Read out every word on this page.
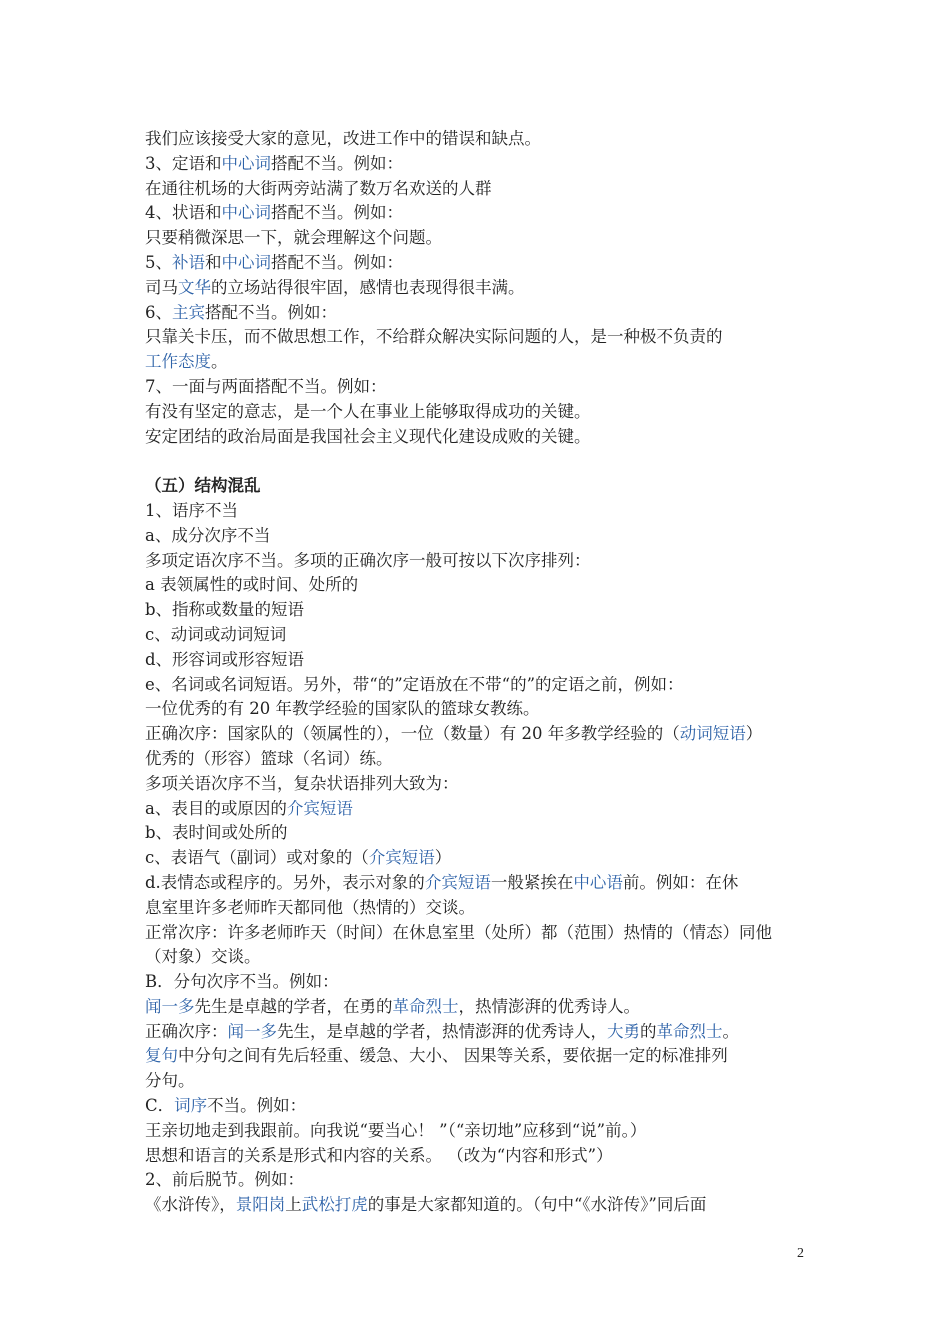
我们应该接受大家的意见，改进工作中的错误和缺点。
3、定语和中心词搭配不当。例如：
在通往机场的大街两旁站满了数万名欢送的人群
4、状语和中心词搭配不当。例如：
只要稍微深思一下，就会理解这个问题。
5、补语和中心词搭配不当。例如：
司马文华的立场站得很牢固，感情也表现得很丰满。
6、主宾搭配不当。例如：
只靠关卡压，而不做思想工作，不给群众解决实际问题的人，是一种极不负责的
工作态度。
7、一面与两面搭配不当。例如：
有没有坚定的意志，是一个人在事业上能够取得成功的关键。
安定团结的政治局面是我国社会主义现代化建设成败的关键。
（五）结构混乱
1、语序不当
a、成分次序不当
多项定语次序不当。多项的正确次序一般可按以下次序排列：
a 表领属性的或时间、处所的
b、指称或数量的短语
c、动词或动词短词
d、形容词或形容短语
e、名词或名词短语。另外，带“的”定语放在不带“的”的定语之前，例如：
一位优秀的有 20 年教学经验的国家队的篮球女教练。
正确次序：国家队的（领属性的），一位（数量）有 20 年多教学经验的（动词短语）
优秀的（形容）篮球（名词）练。
多项关语次序不当，复杂状语排列大致为：
a、表目的或原因的介宾短语
b、表时间或处所的
c、表语气（副词）或对象的（介宾短语）
d.表情态或程序的。另外，表示对象的介宾短语一般紧挨在中心语前。例如：在休
息室里许多老师昨天都同他（热情的）交谈。
正常次序：许多老师昨天（时间）在休息室里（处所）都（范围）热情的（情态）同他
（对象）交谈。
B．分句次序不当。例如：
闻一多先生是卓越的学者，在勇的革命烈士，热情澎湃的优秀诗人。
正确次序：闻一多先生，是卓越的学者，热情澎湃的优秀诗人，大勇的革命烈士。
复句中分句之间有先后轻重、缓急、大小、 因果等关系，要依据一定的标准排列
分句。
C．词序不当。例如：
王亲切地走到我跟前。向我说“要当心！ ”（“亲切地”应移到“说”前。）
思想和语言的关系是形式和内容的关系。 （改为“内容和形式”）
2、前后脱节。例如：
《水浒传》，景阳岗上武松打虎的事是大家都知道的。（句中“《水浒传》”同后面
2
